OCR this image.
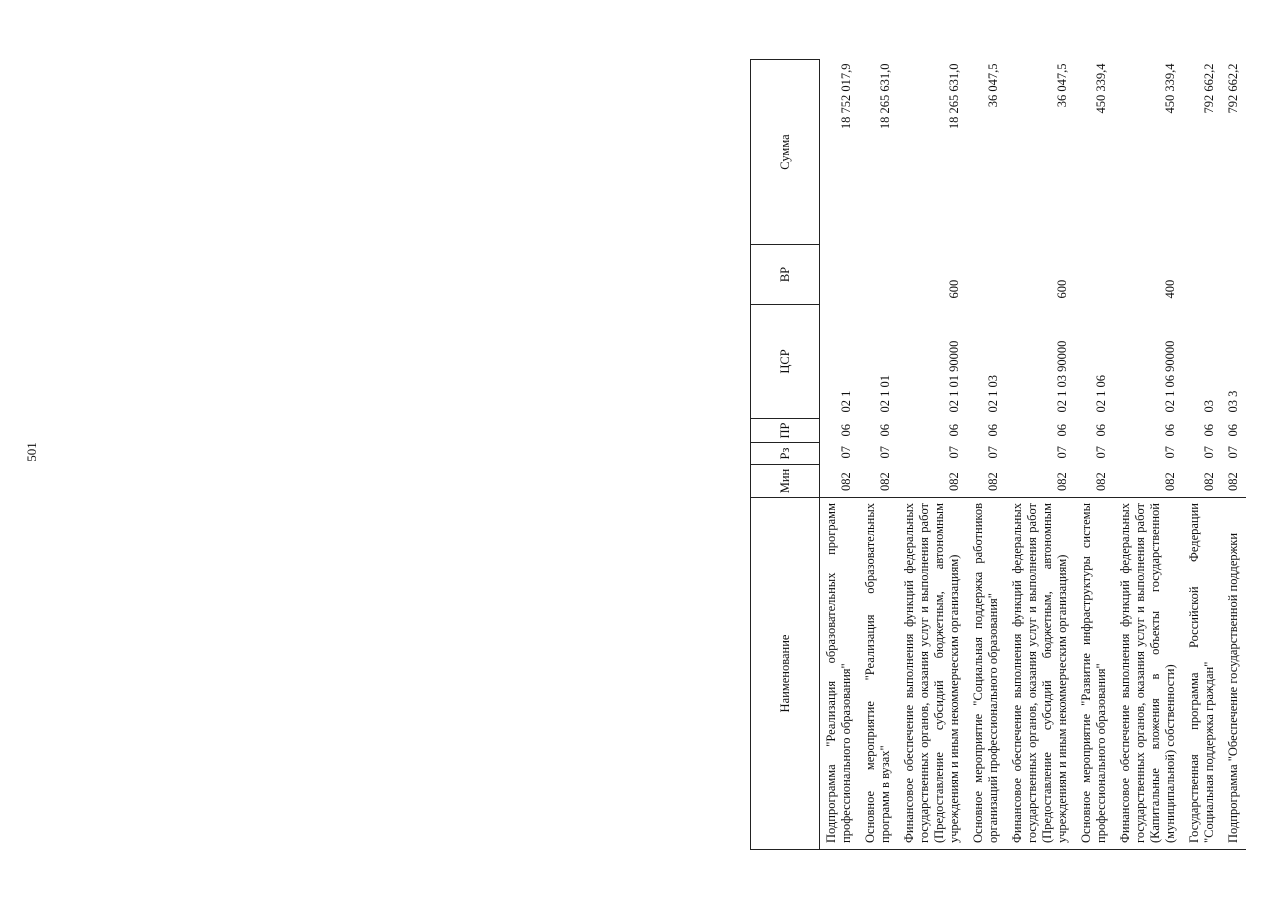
501
Наименование	Мин	Рз	ПР	ЦСР	ВР	Сумма
Подпрограмма "Реализация образовательных программ профессионального образования"	082	07	06	02 1		18 752 017,9
Основное мероприятие "Реализация образовательных программ в вузах"	082	07	06	02 1 01		18 265 631,0
Финансовое обеспечение выполнения функций федеральных государственных органов, оказания услуг и выполнения работ (Предоставление субсидий бюджетным, автономным учреждениям и иным некоммерческим организациям)	082	07	06	02 1 01 90000	600	18 265 631,0
Основное мероприятие "Социальная поддержка работников организаций профессионального образования"	082	07	06	02 1 03		36 047,5
Финансовое обеспечение выполнения функций федеральных государственных органов, оказания услуг и выполнения работ (Предоставление субсидий бюджетным, автономным учреждениям и иным некоммерческим организациям)	082	07	06	02 1 03 90000	600	36 047,5
Основное мероприятие "Развитие инфраструктуры системы профессионального образования"	082	07	06	02 1 06		450 339,4
Финансовое обеспечение выполнения функций федеральных государственных органов, оказания услуг и выполнения работ (Капитальные вложения в объекты государственной (муниципальной) собственности)	082	07	06	02 1 06 90000	400	450 339,4
Государственная программа Российской Федерации "Социальная поддержка граждан"	082	07	06	03		792 662,2
Подпрограмма "Обеспечение государственной поддержки	082	07	06	03 3		792 662,2
